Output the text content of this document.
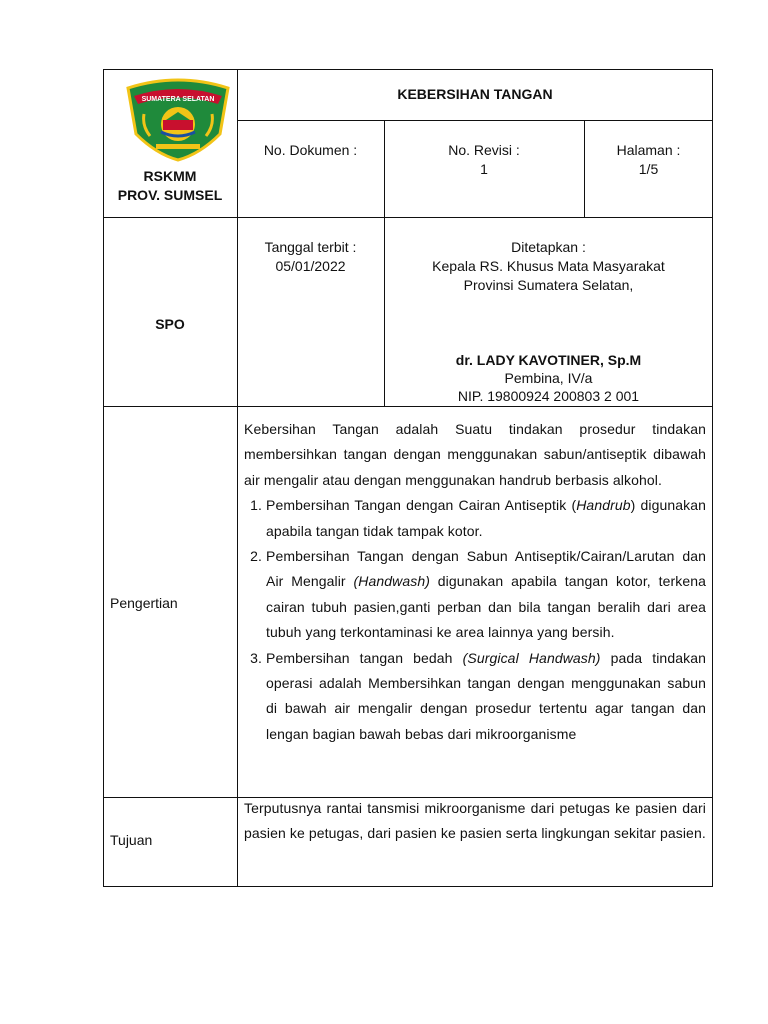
SUMATERA SELATAN
RSKMM
PROV. SUMSEL
KEBERSIHAN TANGAN
No. Dokumen :	No. Revisi :
1
Halaman :
1/5
SPO
Tanggal terbit :
05/01/2022
Ditetapkan :
Kepala RS. Khusus Mata Masyarakat
Provinsi Sumatera Selatan,
dr. LADY KAVOTINER, Sp.M
Pembina, IV/a
NIP. 19800924 200803 2 001
Pengertian

Kebersihan Tangan adalah Suatu tindakan prosedur tindakan membersihkan tangan dengan menggunakan sabun/antiseptik dibawah air mengalir atau dengan menggunakan handrub berbasis alkohol.

1. Pembersihan Tangan dengan Cairan Antiseptik (Handrub) digunakan apabila tangan tidak tampak kotor.
2. Pembersihan Tangan dengan Sabun Antiseptik/Cairan/Larutan dan Air Mengalir (Handwash) digunakan apabila tangan kotor, terkena cairan tubuh pasien,ganti perban dan bila tangan beralih dari area tubuh yang terkontaminasi ke area lainnya yang bersih.
3. Pembersihan tangan bedah (Surgical Handwash) pada tindakan operasi adalah Membersihkan tangan dengan menggunakan sabun di bawah air mengalir dengan prosedur tertentu agar tangan dan lengan bagian bawah bebas dari mikroorganisme
Tujuan
Terputusnya rantai tansmisi mikroorganisme dari petugas ke pasien dari pasien ke petugas, dari pasien ke pasien serta lingkungan sekitar pasien.
